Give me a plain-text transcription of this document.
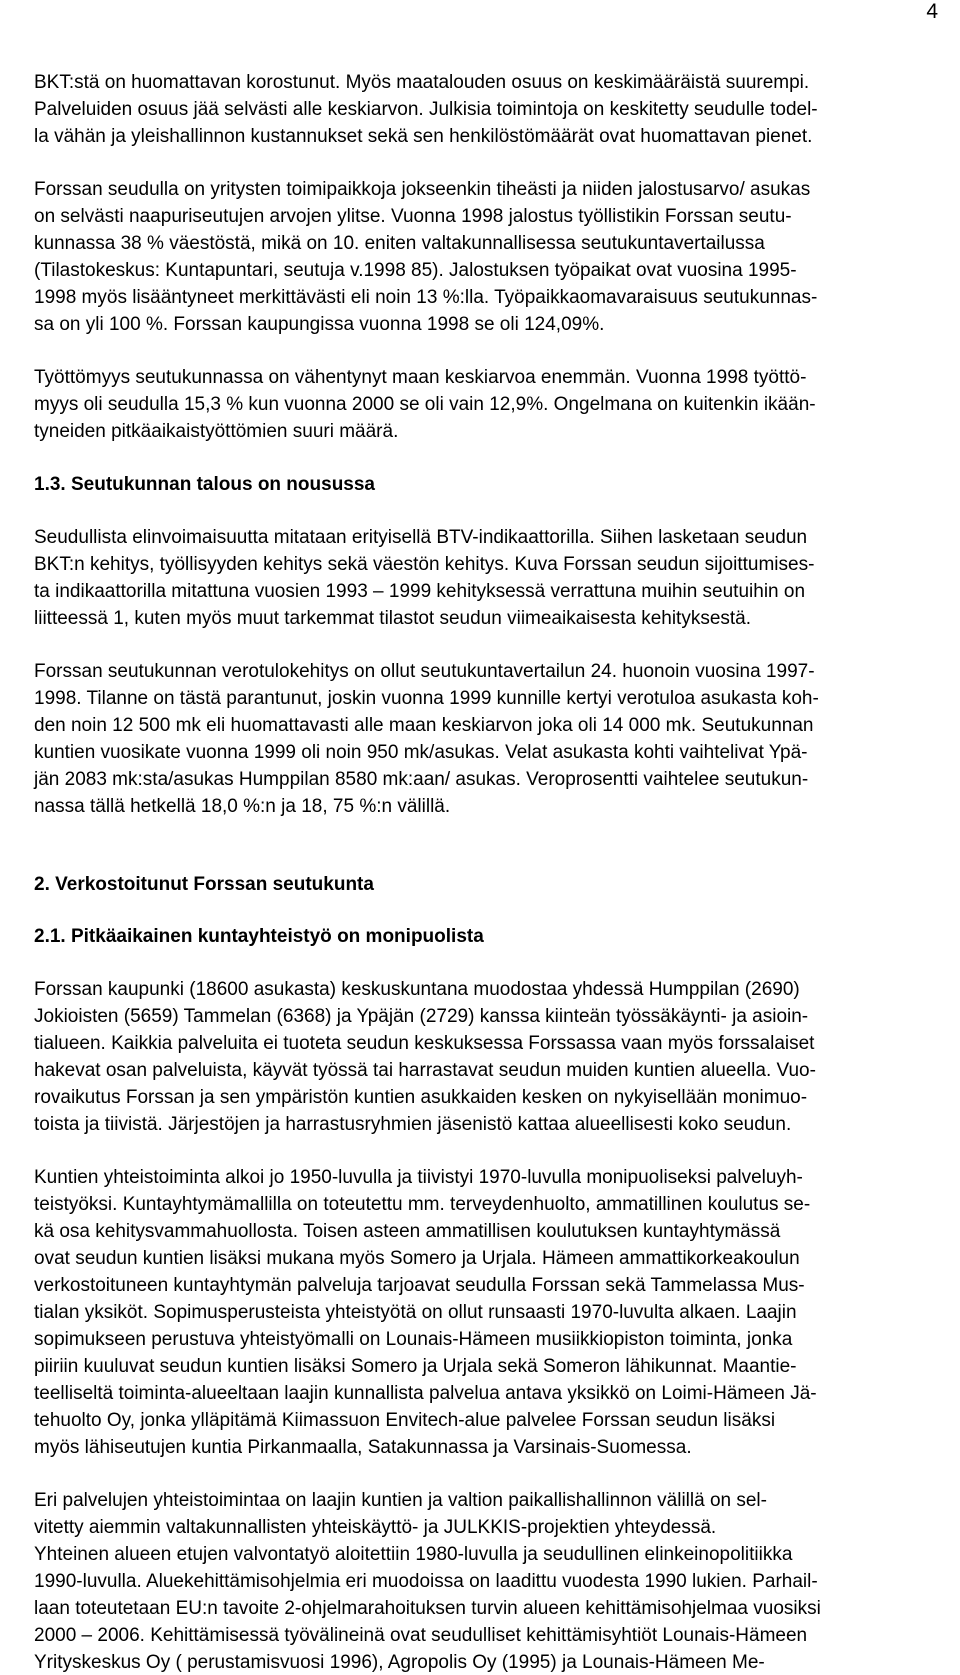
4
BKT:stä on huomattavan korostunut. Myös maatalouden osuus on keskimääräistä suurempi.
Palveluiden osuus jää selvästi alle keskiarvon. Julkisia toimintoja on keskitetty seudulle todel-
la vähän ja yleishallinnon kustannukset sekä sen henkilöstömäärät ovat huomattavan pienet.
Forssan seudulla on yritysten toimipaikkoja jokseenkin tiheästi ja niiden jalostusarvo/ asukas
on selvästi naapuriseutujen arvojen ylitse. Vuonna 1998 jalostus työllistikin Forssan seutu-
kunnassa 38 % väestöstä, mikä on 10. eniten valtakunnallisessa seutukuntavertailussa
(Tilastokeskus: Kuntapuntari, seutuja v.1998 85). Jalostuksen työpaikat ovat vuosina 1995-
1998 myös lisääntyneet merkittävästi eli noin 13 %:lla. Työpaikkaomavaraisuus seutukunnas-
sa on yli 100 %. Forssan kaupungissa vuonna 1998 se oli 124,09%.
Työttömyys seutukunnassa on vähentynyt maan keskiarvoa enemmän. Vuonna 1998 työttö-
myys oli seudulla 15,3 % kun vuonna 2000 se oli vain 12,9%. Ongelmana on kuitenkin ikään-
tyneiden pitkäaikaistyöttömien suuri määrä.
1.3. Seutukunnan talous on nousussa
Seudullista elinvoimaisuutta mitataan erityisellä BTV-indikaattorilla. Siihen lasketaan seudun
BKT:n kehitys, työllisyyden kehitys sekä väestön kehitys. Kuva Forssan seudun sijoittumises-
ta indikaattorilla mitattuna vuosien 1993 – 1999 kehityksessä verrattuna muihin seutuihin on
liitteessä 1, kuten myös muut tarkemmat tilastot seudun viimeaikaisesta kehityksestä.
Forssan seutukunnan verotulokehitys on ollut seutukuntavertailun 24. huonoin vuosina 1997-
1998. Tilanne on tästä parantunut, joskin vuonna 1999 kunnille kertyi verotuloa asukasta koh-
den noin 12 500 mk eli huomattavasti alle maan keskiarvon joka oli 14 000 mk. Seutukunnan
kuntien vuosikate vuonna 1999 oli noin 950 mk/asukas. Velat asukasta kohti vaihtelivat Ypä-
jän 2083 mk:sta/asukas Humppilan 8580 mk:aan/ asukas. Veroprosentti vaihtelee seutukun-
nassa tällä hetkellä 18,0 %:n ja 18, 75 %:n välillä.
2. Verkostoitunut Forssan seutukunta
2.1. Pitkäaikainen kuntayhteistyö on monipuolista
Forssan kaupunki (18600 asukasta) keskuskuntana muodostaa yhdessä Humppilan (2690)
Jokioisten (5659) Tammelan (6368) ja Ypäjän (2729) kanssa kiinteän työssäkäynti- ja asioin-
tialueen. Kaikkia palveluita ei tuoteta seudun keskuksessa Forssassa vaan myös forssalaiset
hakevat osan palveluista, käyvät työssä tai harrastavat seudun muiden kuntien alueella. Vuo-
rovaikutus Forssan ja sen ympäristön kuntien asukkaiden kesken on nykyisellään monimuo-
toista ja tiivistä. Järjestöjen ja harrastusryhmien jäsenistö kattaa alueellisesti koko seudun.
Kuntien yhteistoiminta alkoi jo 1950-luvulla ja tiivistyi 1970-luvulla monipuoliseksi palveluyh-
teistyöksi. Kuntayhtymämallilla on toteutettu mm. terveydenhuolto, ammatillinen koulutus se-
kä osa kehitysvammahuollosta. Toisen asteen ammatillisen koulutuksen kuntayhtymässä
ovat seudun kuntien lisäksi mukana myös Somero ja Urjala. Hämeen ammattikorkeakoulun
verkostoituneen kuntayhtymän palveluja tarjoavat seudulla Forssan sekä Tammelassa Mus-
tialan yksiköt. Sopimusperusteista yhteistyötä on ollut runsaasti 1970-luvulta alkaen. Laajin
sopimukseen perustuva yhteistyömalli on Lounais-Hämeen musiikkiopiston toiminta, jonka
piiriin kuuluvat seudun kuntien lisäksi Somero ja Urjala sekä Someron lähikunnat. Maantie-
teelliseltä toiminta-alueeltaan laajin kunnallista palvelua antava yksikkö on Loimi-Hämeen Jä-
tehuolto Oy, jonka ylläpitämä Kiimassuon Envitech-alue palvelee Forssan seudun lisäksi
myös lähiseutujen kuntia Pirkanmaalla, Satakunnassa ja Varsinais-Suomessa.
Eri palvelujen yhteistoimintaa on laajin kuntien ja valtion paikallishallinnon välillä on sel-
vitetty aiemmin valtakunnallisten yhteiskäyttö- ja JULKKIS-projektien yhteydessä.
Yhteinen alueen etujen valvontatyö aloitettiin 1980-luvulla ja seudullinen elinkeinopolitiikka
1990-luvulla. Aluekehittämisohjelmia eri muodoissa on laadittu vuodesta 1990 lukien. Parhail-
laan toteutetaan EU:n tavoite 2-ohjelmarahoituksen turvin alueen kehittämisohjelmaa vuosiksi
2000 – 2006. Kehittämisessä työvälineinä ovat seudulliset kehittämisyhtiöt Lounais-Hämeen
Yrityskeskus Oy ( perustamisvuosi 1996), Agropolis Oy (1995) ja Lounais-Hämeen Me-
